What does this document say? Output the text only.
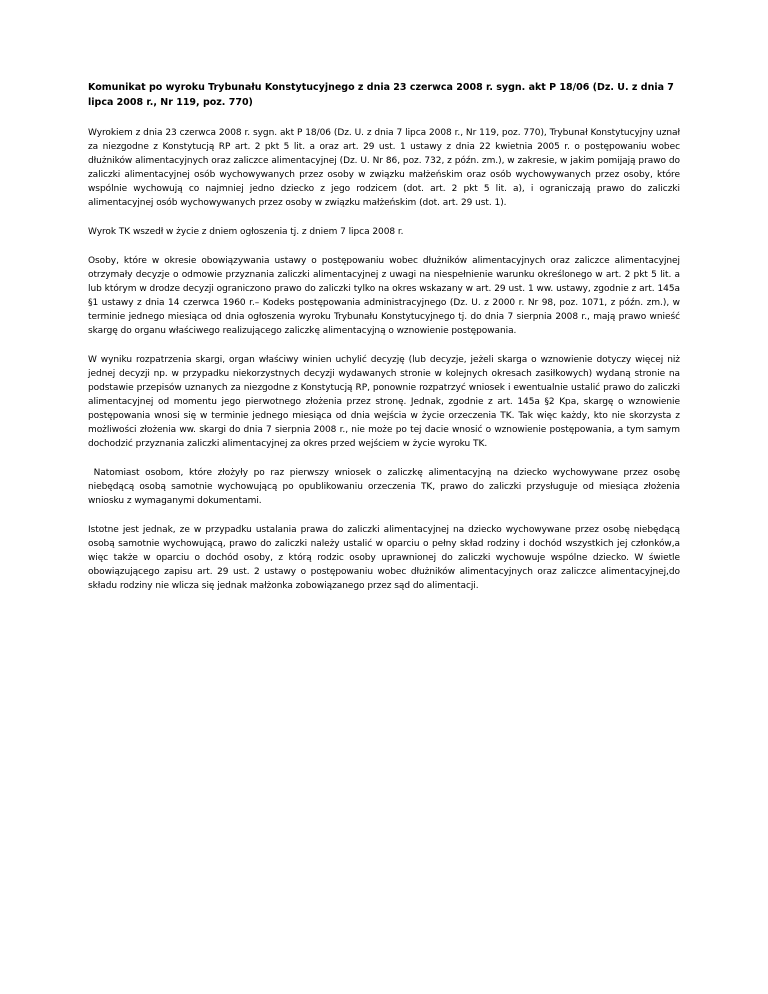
Komunikat po wyroku Trybunału Konstytucyjnego z dnia 23 czerwca 2008 r. sygn. akt P 18/06 (Dz. U. z dnia 7 lipca 2008 r., Nr 119, poz. 770)

Wyrokiem z dnia 23 czerwca 2008 r. sygn. akt P 18/06 (Dz. U. z dnia 7 lipca 2008 r., Nr 119, poz. 770), Trybunał Konstytucyjny uznał za niezgodne z Konstytucją RP art. 2 pkt 5 lit. a oraz art. 29 ust. 1 ustawy z dnia 22 kwietnia 2005 r. o postępowaniu wobec dłużników alimentacyjnych oraz zaliczce alimentacyjnej (Dz. U. Nr 86, poz. 732, z późn. zm.), w zakresie, w jakim pomijają prawo do zaliczki alimentacyjnej osób wychowywanych przez osoby w związku małżeńskim oraz osób wychowywanych przez osoby, które wspólnie wychowują co najmniej jedno dziecko z jego rodzicem (dot. art. 2 pkt 5 lit. a), i ograniczają prawo do zaliczki alimentacyjnej osób wychowywanych przez osoby w związku małżeńskim (dot. art. 29 ust. 1).

Wyrok TK wszedł w życie z dniem ogłoszenia tj. z dniem 7 lipca 2008 r.

Osoby, które w okresie obowiązywania ustawy o postępowaniu wobec dłużników alimentacyjnych oraz zaliczce alimentacyjnej otrzymały decyzje o odmowie przyznania zaliczki alimentacyjnej z uwagi na niespełnienie warunku określonego w art. 2 pkt 5 lit. a lub którym w drodze decyzji ograniczono prawo do zaliczki tylko na okres wskazany w art. 29 ust. 1 ww. ustawy, zgodnie z art. 145a §1 ustawy z dnia 14 czerwca 1960 r.– Kodeks postępowania administracyjnego (Dz. U. z 2000 r. Nr 98, poz. 1071, z późn. zm.), w terminie jednego miesiąca od dnia ogłoszenia wyroku Trybunału Konstytucyjnego tj. do dnia 7 sierpnia 2008 r., mają prawo wnieść skargę do organu właściwego realizującego zaliczkę alimentacyjną o wznowienie postępowania.

W wyniku rozpatrzenia skargi, organ właściwy winien uchylić decyzję (lub decyzje, jeżeli skarga o wznowienie dotyczy więcej niż jednej decyzji np. w przypadku niekorzystnych decyzji wydawanych stronie w kolejnych okresach zasiłkowych) wydaną stronie na podstawie przepisów uznanych za niezgodne z Konstytucją RP, ponownie rozpatrzyć wniosek i ewentualnie ustalić prawo do zaliczki alimentacyjnej od momentu jego pierwotnego złożenia przez stronę. Jednak, zgodnie z art. 145a §2 Kpa, skargę o wznowienie postępowania wnosi się w terminie jednego miesiąca od dnia wejścia w życie orzeczenia TK. Tak więc każdy, kto nie skorzysta z możliwości złożenia ww. skargi do dnia 7 sierpnia 2008 r., nie może po tej dacie wnosić o wznowienie postępowania, a tym samym dochodzić przyznania zaliczki alimentacyjnej za okres przed wejściem w życie wyroku TK.

Natomiast osobom, które złożyły po raz pierwszy wniosek o zaliczkę alimentacyjną na dziecko wychowywane przez osobę niebędącą osobą samotnie wychowującą po opublikowaniu orzeczenia TK, prawo do zaliczki przysługuje od miesiąca złożenia wniosku z wymaganymi dokumentami.

Istotne jest jednak, ze w przypadku ustalania prawa do zaliczki alimentacyjnej na dziecko wychowywane przez osobę niebędącą osobą samotnie wychowującą, prawo do zaliczki należy ustalić w oparciu o pełny skład rodziny i dochód wszystkich jej członków,a więc także w oparciu o dochód osoby, z którą rodzic osoby uprawnionej do zaliczki wychowuje wspólne dziecko. W świetle obowiązującego zapisu art. 29 ust. 2 ustawy o postępowaniu wobec dłużników alimentacyjnych oraz zaliczce alimentacyjnej,do składu rodziny nie wlicza się jednak małżonka zobowiązanego przez sąd do alimentacji.
